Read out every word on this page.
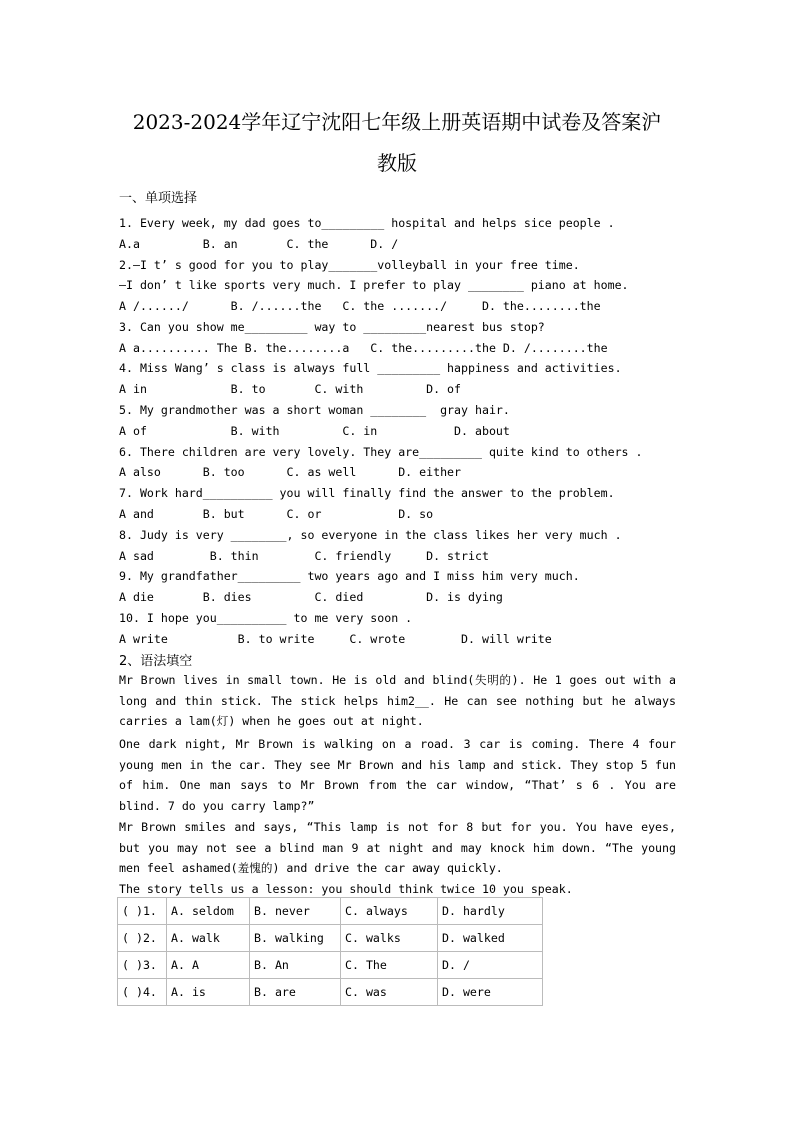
2023-2024学年辽宁沈阳七年级上册英语期中试卷及答案沪
教版
一、单项选择
1. Every week, my dad goes to_________ hospital and helps sice people .
A.a         B. an       C. the      D. /
2.—I t’ s good for you to play_______volleyball in your free time.
—I don’ t like sports very much. I prefer to play ________ piano at home.
A /....../      B. /......the   C. the ......./     D. the........the
3. Can you show me_________ way to _________nearest bus stop?
A a.......... The B. the........a   C. the.........the D. /........the
4. Miss Wang’ s class is always full _________ happiness and activities.
A in            B. to       C. with         D. of
5. My grandmother was a short woman ________  gray hair.
A of            B. with         C. in           D. about
6. There children are very lovely. They are_________ quite kind to others .
A also      B. too      C. as well      D. either
7. Work hard__________ you will finally find the answer to the problem.
A and       B. but      C. or           D. so
8. Judy is very ________, so everyone in the class likes her very much .
A sad        B. thin        C. friendly     D. strict
9. My grandfather_________ two years ago and I miss him very much.
A die       B. dies         C. died         D. is dying
10. I hope you__________ to me very soon .
A write          B. to write     C. wrote        D. will write
2、语法填空
Mr Brown lives in small town. He is old and blind(失明的). He 1 goes out with a long and thin stick. The stick helps him2__. He can see nothing but he always carries a lam(灯) when he goes out at night.
One dark night, Mr Brown is walking on a road. 3 car is coming. There 4 four young men in the car. They see Mr Brown and his lamp and stick. They stop 5 fun of him. One man says to Mr Brown from the car window, “That’ s 6 . You are blind. 7 do you carry lamp?”
Mr Brown smiles and says, “This lamp is not for 8 but for you. You have eyes, but you may not see a blind man 9 at night and may knock him down. “The young men feel ashamed(羞愧的) and drive the car away quickly.
The story tells us a lesson: you should think twice 10 you speak.
( )1.	A. seldom	B. never	C. always	D. hardly
( )2.	A. walk	B. walking	C. walks	D. walked
( )3.	A. A	B. An	C. The	D. /
( )4.	A. is	B. are	C. was	D. were
